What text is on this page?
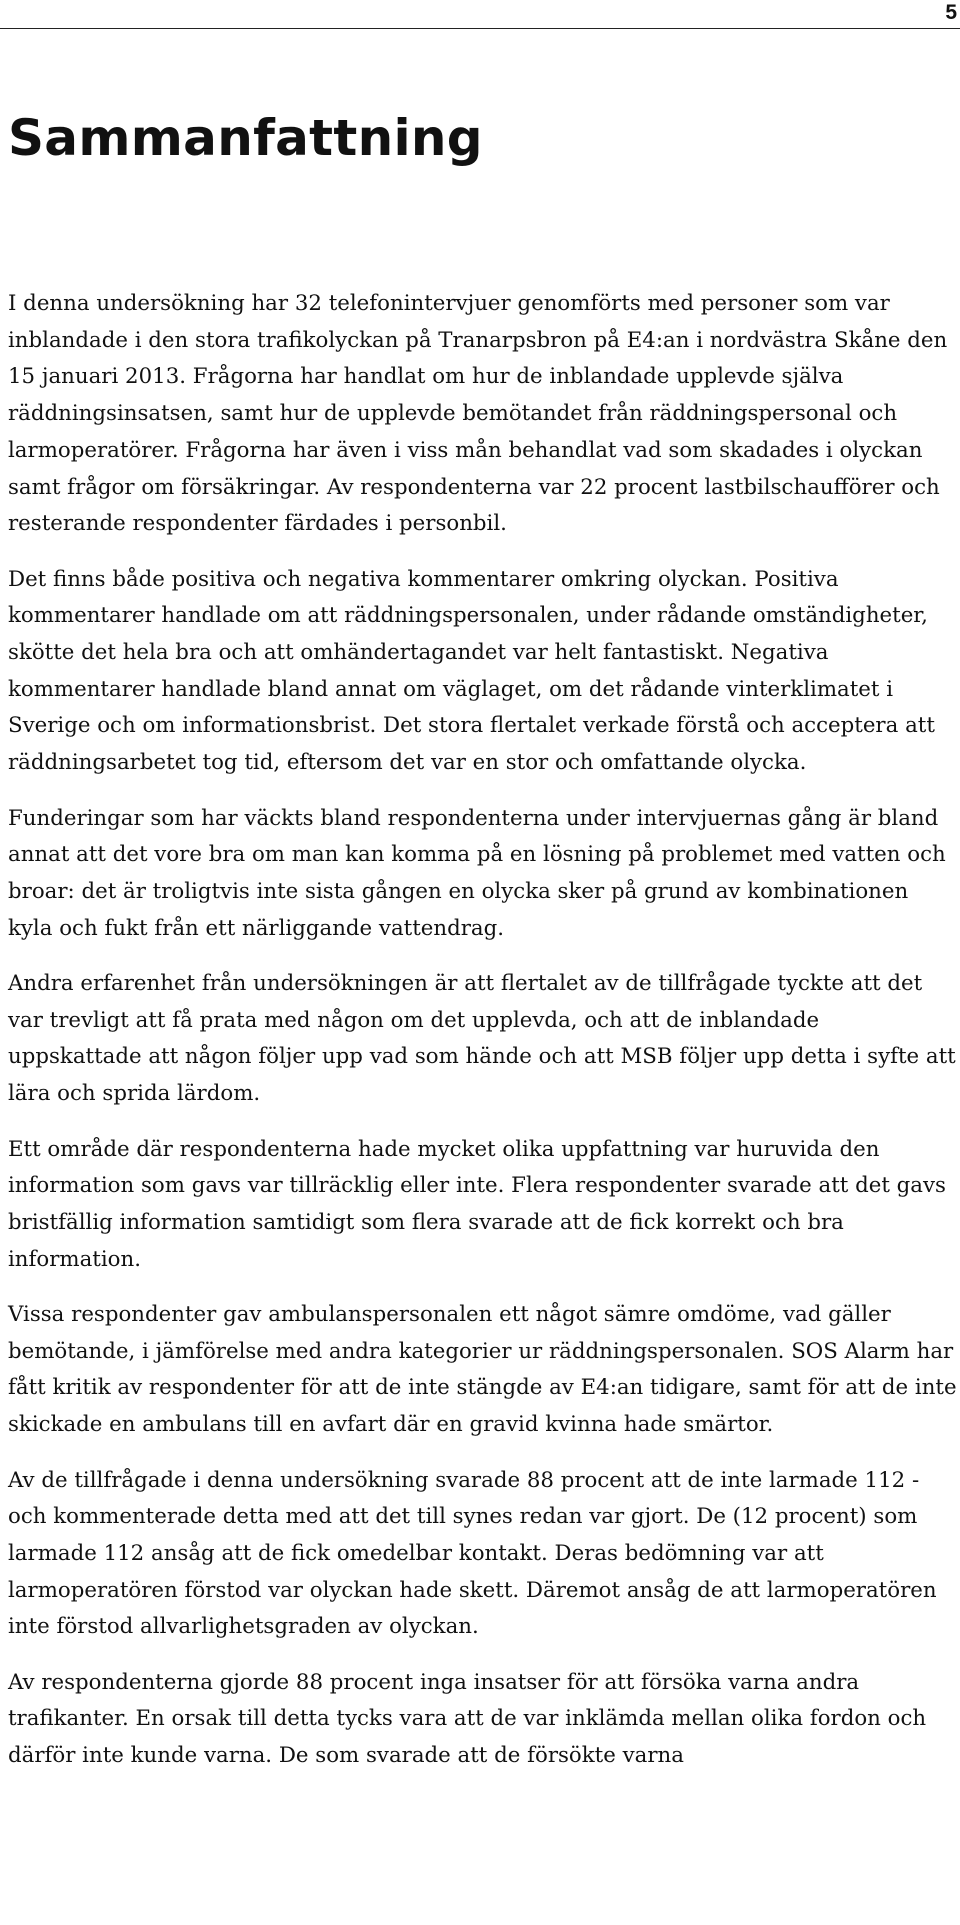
5
Sammanfattning

I denna undersökning har 32 telefonintervjuer genomförts med personer som var inblandade i den stora trafikolyckan på Tranarpsbron på E4:an i nordvästra Skåne den 15 januari 2013. Frågorna har handlat om hur de inblandade upplevde själva räddningsinsatsen, samt hur de upplevde bemötandet från räddningspersonal och larmoperatörer. Frågorna har även i viss mån behandlat vad som skadades i olyckan samt frågor om försäkringar. Av respondenterna var 22 procent lastbilschaufförer och resterande respondenter färdades i personbil.

Det finns både positiva och negativa kommentarer omkring olyckan. Positiva kommentarer handlade om att räddningspersonalen, under rådande omständigheter, skötte det hela bra och att omhändertagandet var helt fantastiskt. Negativa kommentarer handlade bland annat om väglaget, om det rådande vinterklimatet i Sverige och om informationsbrist. Det stora flertalet verkade förstå och acceptera att räddningsarbetet tog tid, eftersom det var en stor och omfattande olycka.

Funderingar som har väckts bland respondenterna under intervjuernas gång är bland annat att det vore bra om man kan komma på en lösning på problemet med vatten och broar: det är troligtvis inte sista gången en olycka sker på grund av kombinationen kyla och fukt från ett närliggande vattendrag.

Andra erfarenhet från undersökningen är att flertalet av de tillfrågade tyckte att det var trevligt att få prata med någon om det upplevda, och att de inblandade uppskattade att någon följer upp vad som hände och att MSB följer upp detta i syfte att lära och sprida lärdom.

Ett område där respondenterna hade mycket olika uppfattning var huruvida den information som gavs var tillräcklig eller inte. Flera respondenter svarade att det gavs bristfällig information samtidigt som flera svarade att de fick korrekt och bra information.

Vissa respondenter gav ambulanspersonalen ett något sämre omdöme, vad gäller bemötande, i jämförelse med andra kategorier ur räddningspersonalen. SOS Alarm har fått kritik av respondenter för att de inte stängde av E4:an tidigare, samt för att de inte skickade en ambulans till en avfart där en gravid kvinna hade smärtor.

Av de tillfrågade i denna undersökning svarade 88 procent att de inte larmade 112 - och kommenterade detta med att det till synes redan var gjort. De (12 procent) som larmade 112 ansåg att de fick omedelbar kontakt. Deras bedömning var att larmoperatören förstod var olyckan hade skett. Däremot ansåg de att larmoperatören inte förstod allvarlighetsgraden av olyckan.

Av respondenterna gjorde 88 procent inga insatser för att försöka varna andra trafikanter. En orsak till detta tycks vara att de var inklämda mellan olika fordon och därför inte kunde varna. De som svarade att de försökte varna
